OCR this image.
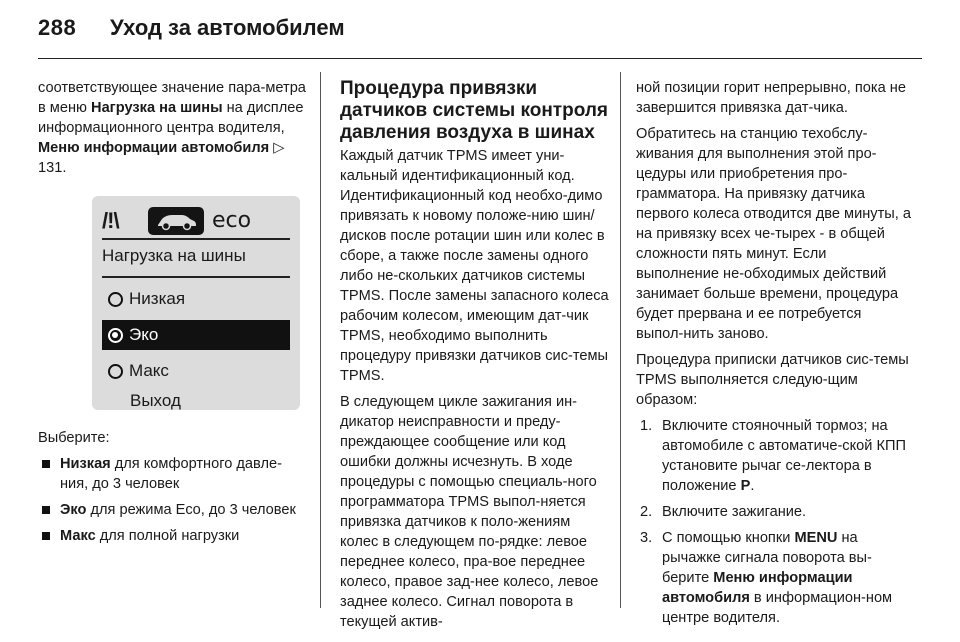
288	Уход за автомобилем

соответствующее значение пара-метра в меню Нагрузка на шины на дисплее информационного центра водителя, Меню информации автомобиля ▷ 131.

/!\	eco
Нагрузка на шины
Низкая
Эко
Макс
Выход

Выберите:

Низкая для комфортного давле-ния, до 3 человек
Эко для режима Eco, до 3 человек
Макс для полной нагрузки
Процедура привязки датчиков системы контроля давления воздуха в шинах

Каждый датчик TPMS имеет уни-кальный идентификационный код. Идентификационный код необхо-димо привязать к новому положе-нию шин/дисков после ротации шин или колес в сборе, а также после замены одного либо не-скольких датчиков системы TPMS. После замены запасного колеса рабочим колесом, имеющим дат-чик TPMS, необходимо выполнить процедуру привязки датчиков сис-темы TPMS.

В следующем цикле зажигания ин-дикатор неисправности и преду-преждающее сообщение или код ошибки должны исчезнуть. В ходе процедуры с помощью специаль-ного программатора TPMS выпол-няется привязка датчиков к поло-жениям колес в следующем по-рядке: левое переднее колесо, пра-вое переднее колесо, правое зад-нее колесо, левое заднее колесо. Сигнал поворота в текущей актив-

ной позиции горит непрерывно, пока не завершится привязка дат-чика.

Обратитесь на станцию техобслу-живания для выполнения этой про-цедуры или приобретения про-грамматора. На привязку датчика первого колеса отводится две минуты, а на привязку всех че-тырех - в общей сложности пять минут. Если выполнение не-обходимых действий занимает больше времени, процедура будет прервана и ее потребуется выпол-нить заново.

Процедура приписки датчиков сис-темы TPMS выполняется следую-щим образом:

1. Включите стояночный тормоз; на автомобиле с автоматиче-ской КПП установите рычаг се-лектора в положение P.
2. Включите зажигание.
3. С помощью кнопки MENU на рычажке сигнала поворота вы-берите Меню информации автомобиля в информацион-ном центре водителя.
